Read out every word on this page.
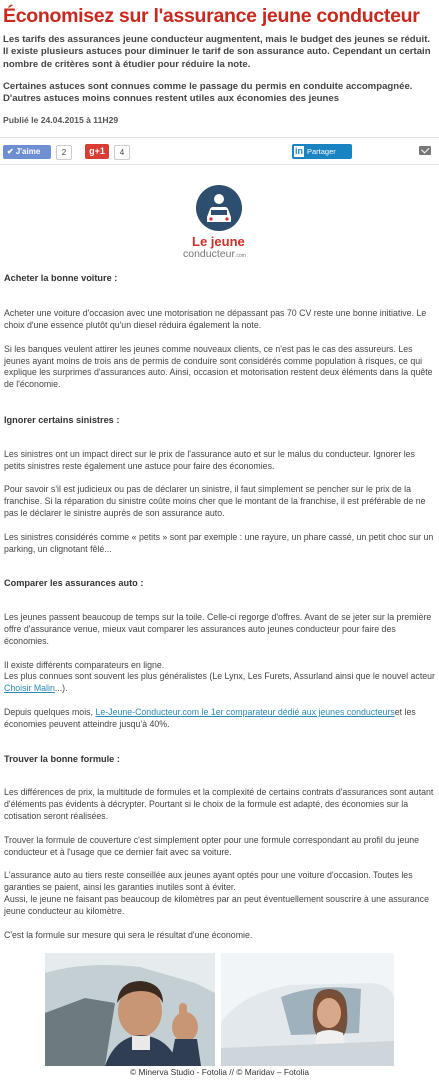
Économisez sur l'assurance jeune conducteur

Les tarifs des assurances jeune conducteur augmentent, mais le budget des jeunes se réduit. Il existe plusieurs astuces pour diminuer le tarif de son assurance auto. Cependant un certain nombre de critères sont à étudier pour réduire la note.

Certaines astuces sont connues comme le passage du permis en conduite accompagnée. D'autres astuces moins connues restent utiles aux économies des jeunes

Publié le 24.04.2015 à 11H29
✔ J'aime	2	g+1	4	in Partager
Le jeune
conducteur.com
Acheter la bonne voiture :

Acheter une voiture d'occasion avec une motorisation ne dépassant pas 70 CV reste une bonne initiative. Le choix d'une essence plutôt qu'un diesel réduira également la note.

Si les banques veulent attirer les jeunes comme nouveaux clients, ce n'est pas le cas des assureurs. Les jeunes ayant moins de trois ans de permis de conduire sont considérés comme population à risques, ce qui explique les surprimes d'assurances auto. Ainsi, occasion et motorisation restent deux éléments dans la quête de l'économie.

Ignorer certains sinistres :

Les sinistres ont un impact direct sur le prix de l'assurance auto et sur le malus du conducteur. Ignorer les petits sinistres reste également une astuce pour faire des économies.

Pour savoir s'il est judicieux ou pas de déclarer un sinistre, il faut simplement se pencher sur le prix de la franchise. Si la réparation du sinistre coûte moins cher que le montant de la franchise, il est préférable de ne pas le déclarer le sinistre auprès de son assurance auto.

Les sinistres considérés comme « petits » sont par exemple : une rayure, un phare cassé, un petit choc sur un parking, un clignotant fêlé...

Comparer les assurances auto :

Les jeunes passent beaucoup de temps sur la toile. Celle-ci regorge d'offres. Avant de se jeter sur la première offre d'assurance venue, mieux vaut comparer les assurances auto jeunes conducteur pour faire des économies.

Il existe différents comparateurs en ligne.

Les plus connues sont souvent les plus généralistes (Le Lynx, Les Furets, Assurland ainsi que le nouvel acteur Choisir Malin...).

Depuis quelques mois, Le-Jeune-Conducteur.com le 1er comparateur dédié aux jeunes conducteurset les économies peuvent atteindre jusqu'à 40%.

Trouver la bonne formule :

Les différences de prix, la multitude de formules et la complexité de certains contrats d'assurances sont autant d'éléments pas évidents à décrypter. Pourtant si le choix de la formule est adapté, des économies sur la cotisation seront réalisées.

Trouver la formule de couverture c'est simplement opter pour une formule correspondant au profil du jeune conducteur et à l'usage que ce dernier fait avec sa voiture.

L'assurance auto au tiers reste conseillée aux jeunes ayant optés pour une voiture d'occasion. Toutes les garanties se paient, ainsi les garanties inutiles sont à éviter.

Aussi, le jeune ne faisant pas beaucoup de kilomètres par an peut éventuellement souscrire à une assurance jeune conducteur au kilomètre.

C'est la formule sur mesure qui sera le résultat d'une économie.

© Minerva Studio - Fotolia // © Maridav – Fotolia
